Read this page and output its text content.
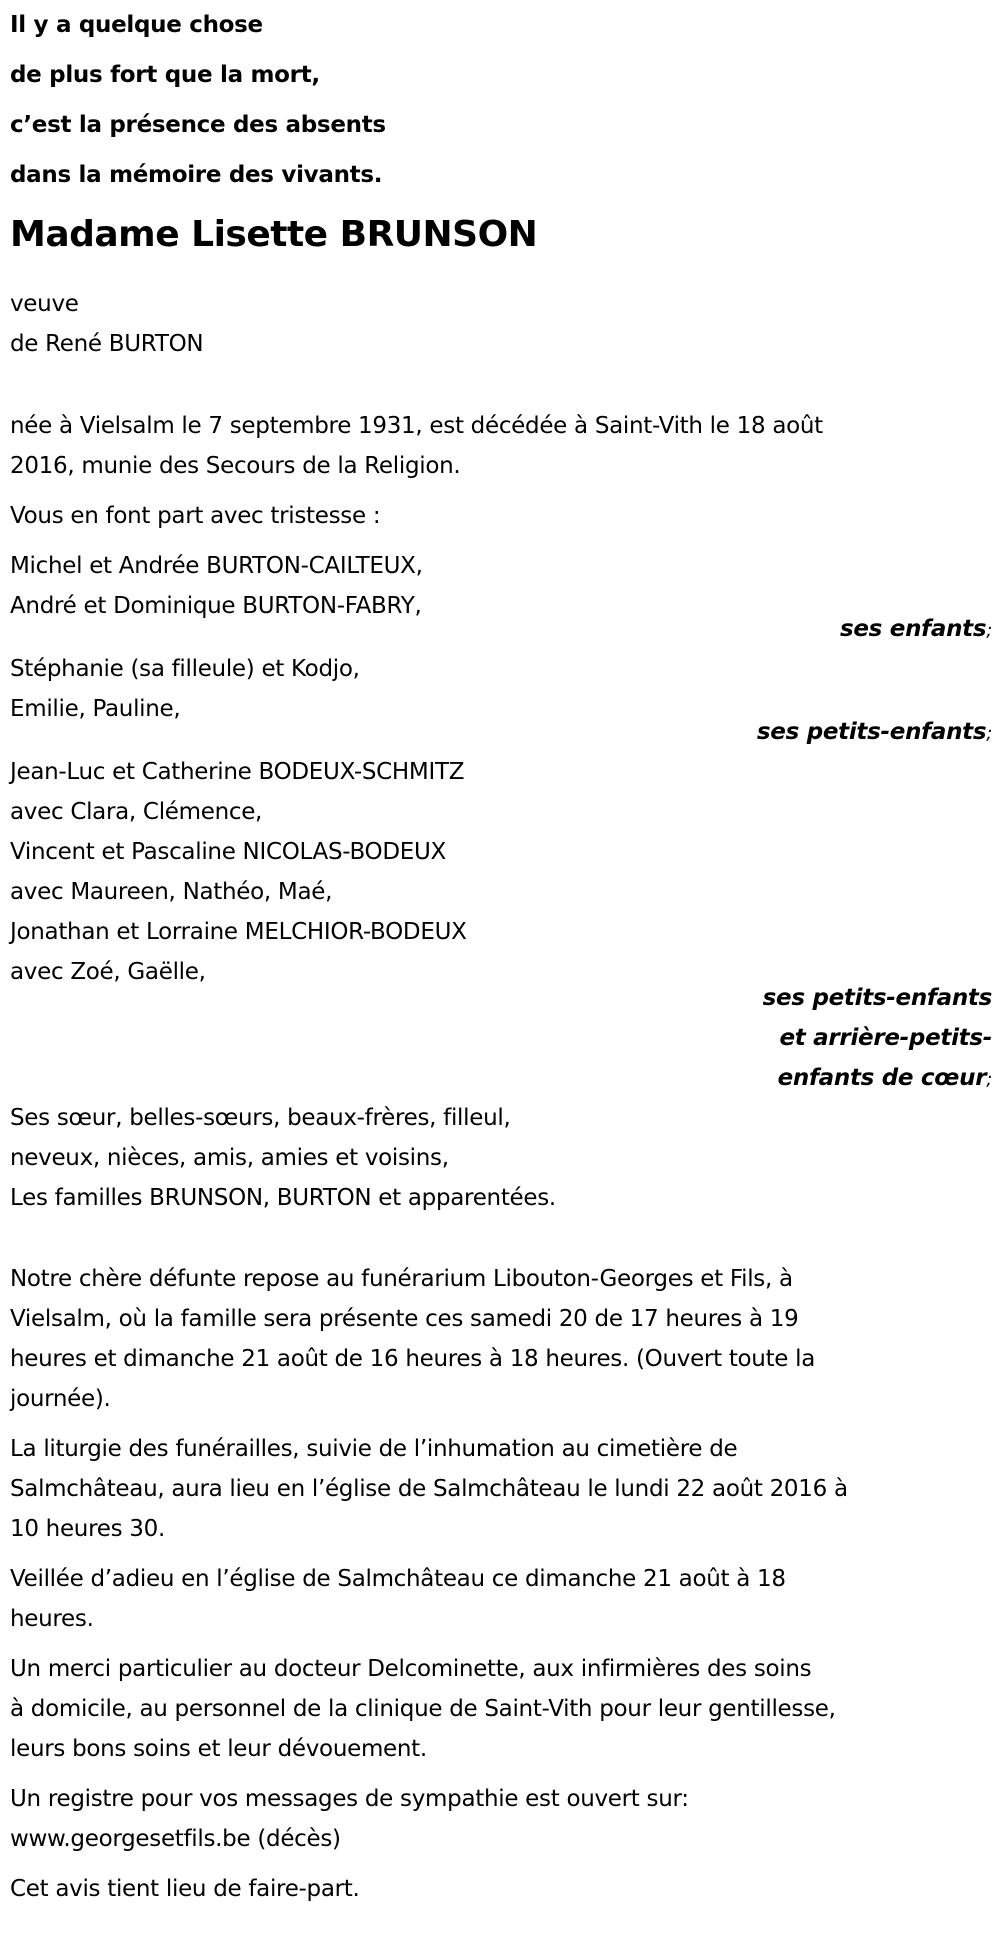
Il y a quelque chose
de plus fort que la mort,
c’est la présence des absents
dans la mémoire des vivants.
Madame Lisette BRUNSON
veuve
de René BURTON
née à Vielsalm le 7 septembre 1931, est décédée à Saint-Vith le 18 août
2016, munie des Secours de la Religion.
Vous en font part avec tristesse :
Michel et Andrée BURTON-CAILTEUX,
André et Dominique BURTON-FABRY,
ses enfants;
Stéphanie (sa filleule) et Kodjo,
Emilie, Pauline,
ses petits-enfants;
Jean-Luc et Catherine BODEUX-SCHMITZ
avec Clara, Clémence,
Vincent et Pascaline NICOLAS-BODEUX
avec Maureen, Nathéo, Maé,
Jonathan et Lorraine MELCHIOR-BODEUX
avec Zoé, Gaëlle,
ses petits-enfants
et arrière-petits-
enfants de cœur;
Ses sœur, belles-sœurs, beaux-frères, filleul,
neveux, nièces, amis, amies et voisins,
Les familles BRUNSON, BURTON et apparentées.
Notre chère défunte repose au funérarium Libouton-Georges et Fils, à
Vielsalm, où la famille sera présente ces samedi 20 de 17 heures à 19
heures et dimanche 21 août de 16 heures à 18 heures. (Ouvert toute la
journée).
La liturgie des funérailles, suivie de l’inhumation au cimetière de
Salmchâteau, aura lieu en l’église de Salmchâteau le lundi 22 août 2016 à
10 heures 30.
Veillée d’adieu en l’église de Salmchâteau ce dimanche 21 août à 18
heures.
Un merci particulier au docteur Delcominette, aux infirmières des soins
à domicile, au personnel de la clinique de Saint-Vith pour leur gentillesse,
leurs bons soins et leur dévouement.
Un registre pour vos messages de sympathie est ouvert sur:
www.georgesetfils.be (décès)
Cet avis tient lieu de faire-part.
